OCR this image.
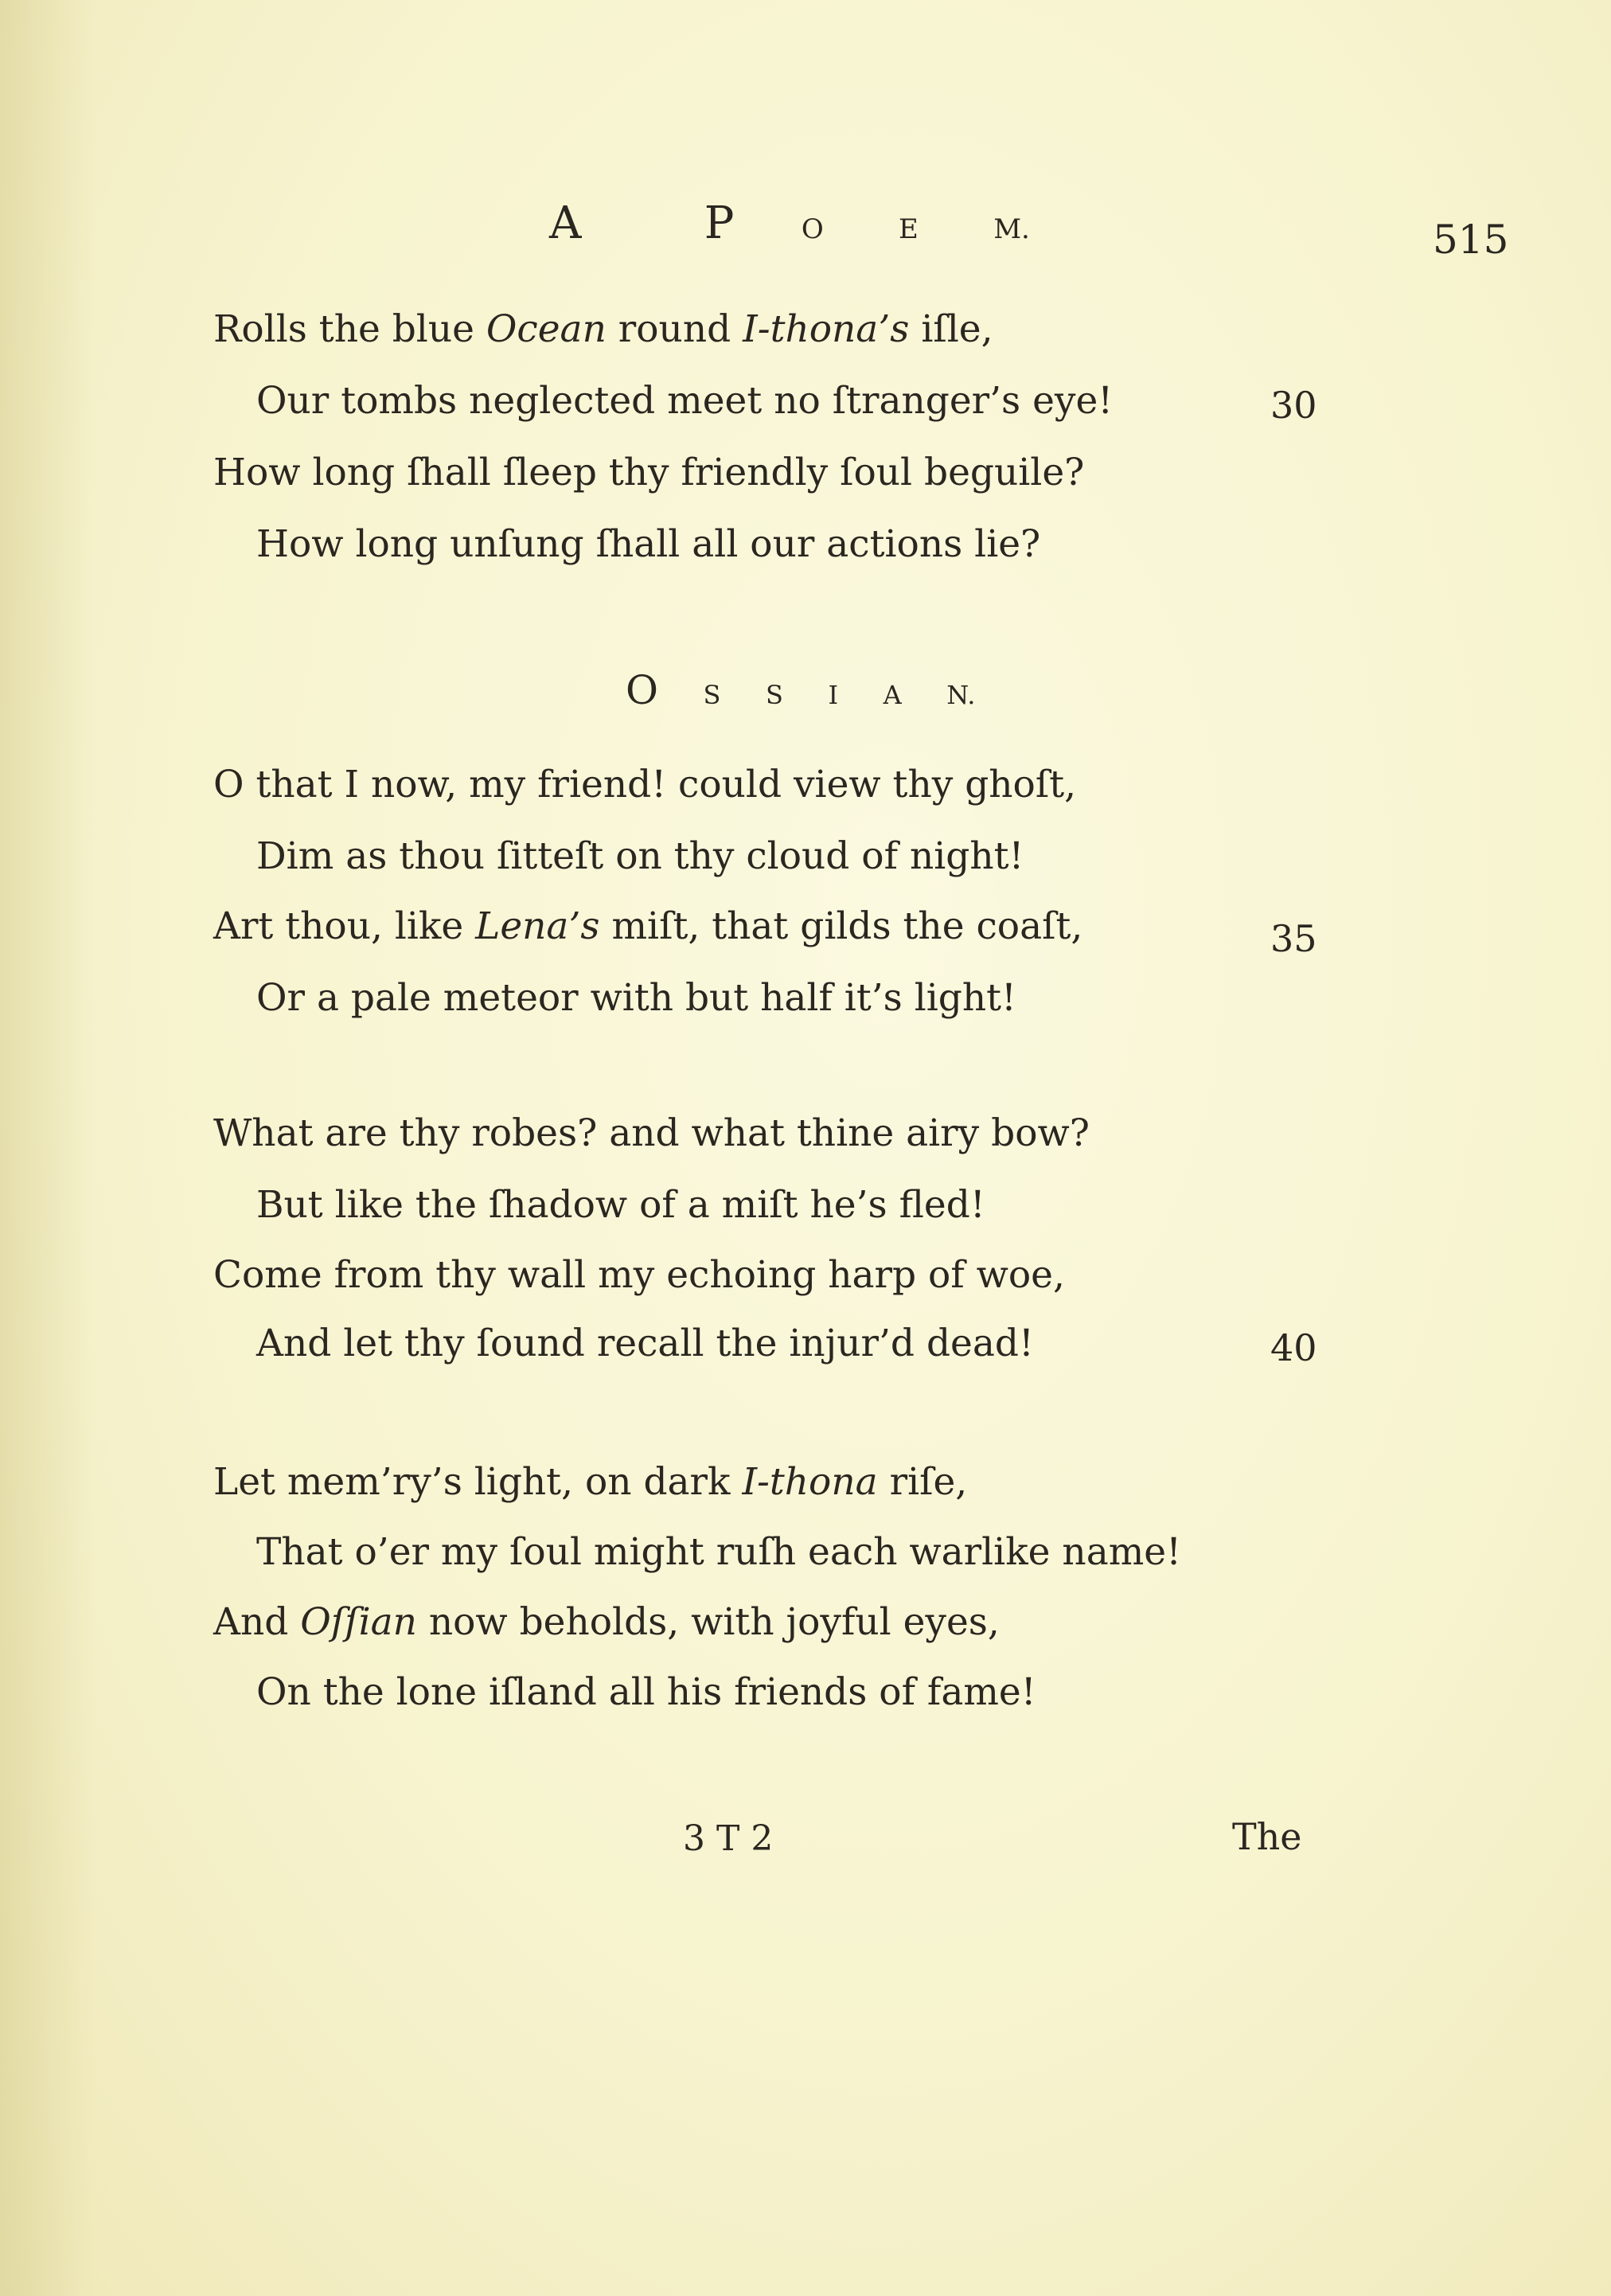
A	P O	E	M.	515
Rolls the blue Ocean round I-thona’s iſle,
Our tombs neglected meet no ſtranger’s eye!	30
How long ſhall ſleep thy friendly ſoul beguile?
How long unſung ſhall all our actions lie?
O S S I A N.
O that I now, my friend! could view thy ghoſt,
Dim as thou ſitteſt on thy cloud of night!
Art thou, like Lena’s miſt, that gilds the coaſt,	35
Or a pale meteor with but half it’s light!
What are thy robes? and what thine airy bow?
But like the ſhadow of a miſt he’s fled!
Come from thy wall my echoing harp of woe,
And let thy ſound recall the injur’d dead!	40
Let mem’ry’s light, on dark I-thona riſe,
That o’er my ſoul might ruſh each warlike name!
And Oſſian now beholds, with joyful eyes,
On the lone iſland all his friends of fame!
3 T 2	The
